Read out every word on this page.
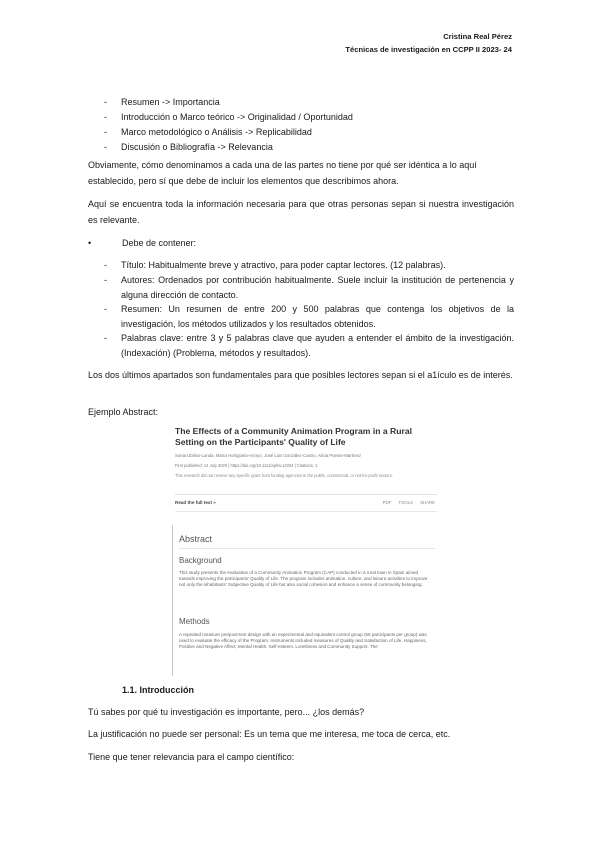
Cristina Real Pérez
Técnicas de investigación en CCPP II 2023- 24
- Resumen -> Importancia
- Introducción o Marco teórico -> Originalidad / Oportunidad
- Marco metodológico o Análisis -> Replicabilidad
- Discusión o Bibliografía -> Relevancia
Obviamente, cómo denominamos a cada una de las partes no tiene por qué ser idéntica a lo aquí establecido, pero sí que debe de incluir los elementos que describimos ahora.
Aquí se encuentra toda la información necesaria para que otras personas sepan si nuestra investigación es relevante.
•	Debe de contener:
- Título: Habitualmente breve y atractivo, para poder captar lectores. (12 palabras).
- Autores: Ordenados por contribución habitualmente. Suele incluir la institución de pertenencia y alguna dirección de contacto.
- Resumen: Un resumen de entre 200 y 500 palabras que contenga los objetivos de la investigación, los métodos utilizados y los resultados obtenidos.
- Palabras clave: entre 3 y 5 palabras clave que ayuden a entender el ámbito de la investigación. (Indexación) (Problema, métodos y resultados).
Los dos últimos apartados son fundamentales para que posibles lectores sepan si el a1ículo es de interés.
Ejemplo Abstract:
The Effects of a Community Animation Program in a Rural Setting on the Participants' Quality of Life
Sonia Ubillos-Landa, María Hortigüela-Arroyo, José Luis González-Castro, Alicia Puente-Martínez
First published: 14 July 2020 | https://doi.org/10.1111/aphw.12204 | Citations: 1
This research did not receive any specific grant from funding agencies in the public, commercial, or not-for-profit sectors.
Read the full text »	PDF TOOLS SHARE
Abstract
Background
This study presents the evaluation of a Community Animation Program (CAP) conducted in a rural town in Spain aimed towards improving the participants' Quality of Life. The program includes animation, culture, and leisure activities to improve not only the inhabitants' Subjective Quality of Life but also social cohesion and enhance a sense of community belonging.
Methods
A repeated measure pre/post-test design with an experimental and equivalent control group (55 participants per group) was used to evaluate the efficacy of the Program. Instruments included measures of Quality and Satisfaction of Life, Happiness, Positive and Negative Affect, Mental Health, Self-esteem, Loneliness and Community Support. The
1.1. Introducción
Tú sabes por qué tu investigación es importante, pero... ¿los demás?
La justificación no puede ser personal: Es un tema que me interesa, me toca de cerca, etc.
Tiene que tener relevancia para el campo científico:
